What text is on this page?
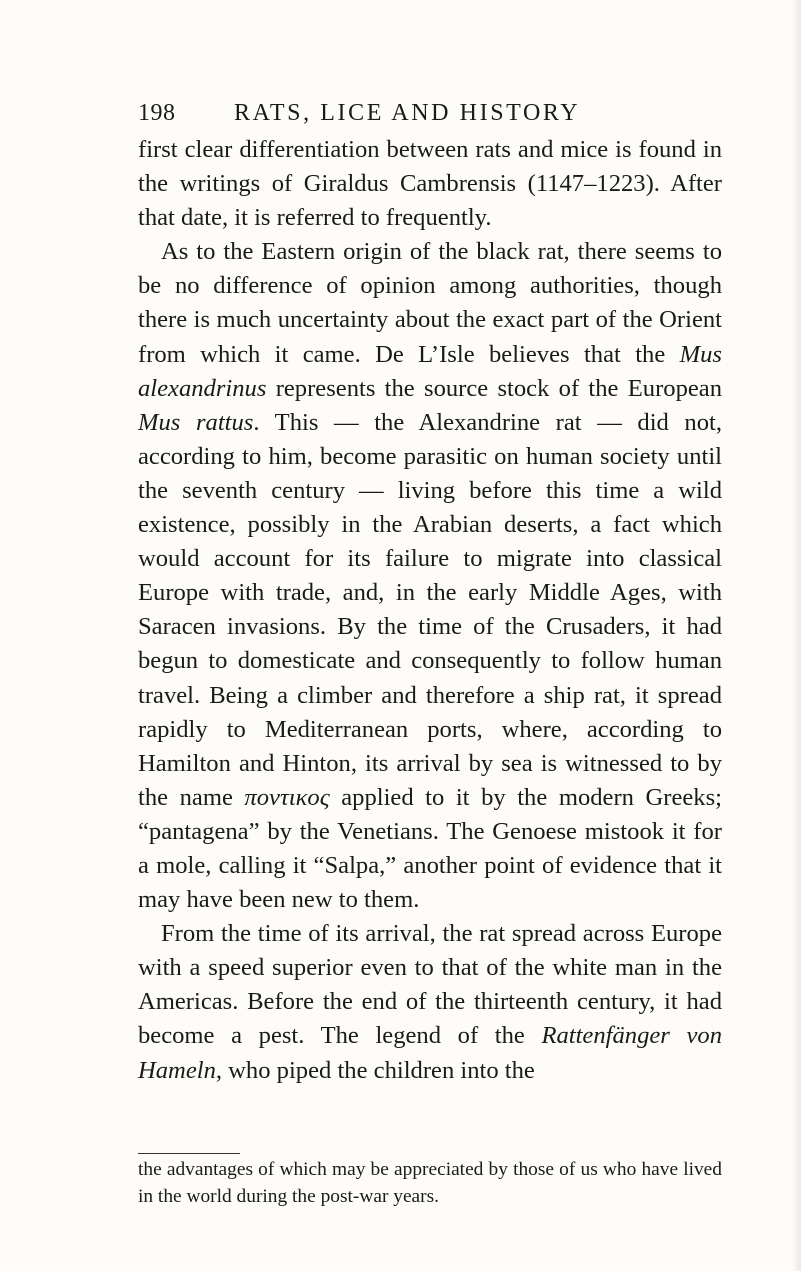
198 RATS, LICE AND HISTORY

first clear differentiation between rats and mice is found in the writings of Giraldus Cambrensis (1147–1223). After that date, it is referred to frequently.

As to the Eastern origin of the black rat, there seems to be no difference of opinion among authorities, though there is much uncertainty about the exact part of the Orient from which it came. De L’Isle believes that the Mus alexandrinus represents the source stock of the European Mus rattus. This — the Alexandrine rat — did not, according to him, become parasitic on human society until the seventh century — living before this time a wild existence, possibly in the Arabian deserts, a fact which would account for its failure to migrate into classical Europe with trade, and, in the early Middle Ages, with Saracen invasions. By the time of the Crusaders, it had begun to domesticate and consequently to follow human travel. Being a climber and therefore a ship rat, it spread rapidly to Mediterranean ports, where, according to Hamilton and Hinton, its arrival by sea is witnessed to by the name ποντικος applied to it by the modern Greeks; “pantagena” by the Venetians. The Genoese mistook it for a mole, calling it “Salpa,” another point of evidence that it may have been new to them.

From the time of its arrival, the rat spread across Europe with a speed superior even to that of the white man in the Americas. Before the end of the thirteenth century, it had become a pest. The legend of the Rattenfänger von Hameln, who piped the children into the

the advantages of which may be appreciated by those of us who have lived in the world during the post-war years.
